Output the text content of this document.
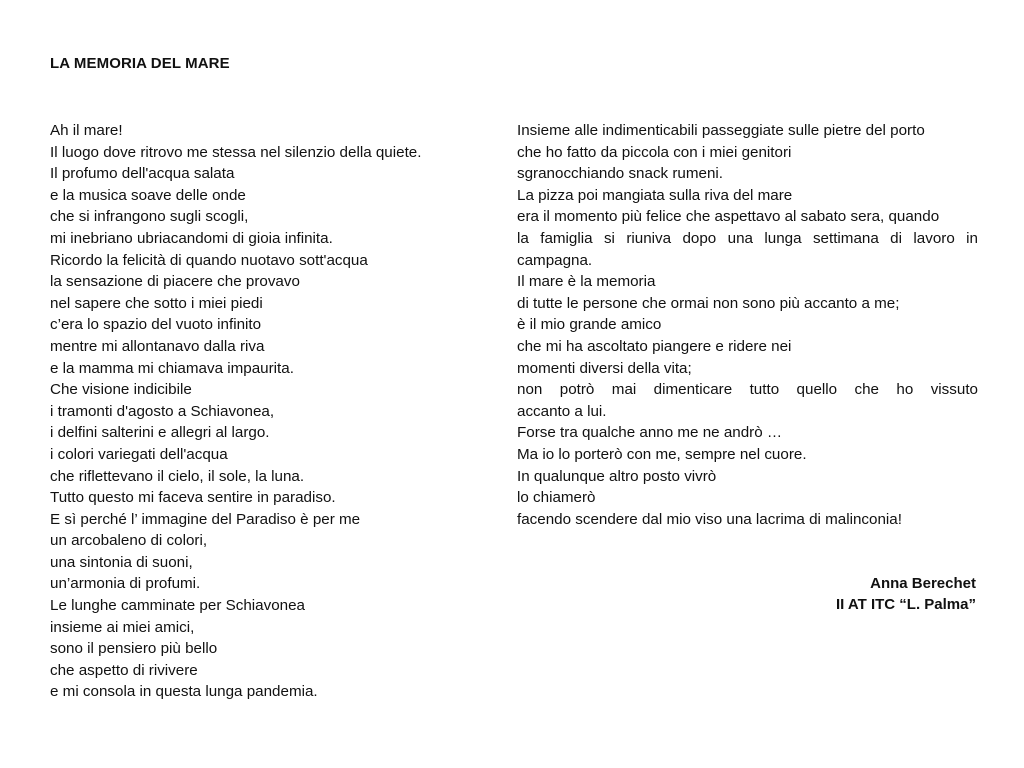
LA MEMORIA DEL MARE
Ah il mare!
Il luogo dove ritrovo me stessa nel silenzio della quiete.
Il profumo dell'acqua salata
e la musica soave delle onde
che si infrangono sugli scogli,
mi inebriano ubriacandomi di gioia infinita.
Ricordo la felicità di quando nuotavo sott'acqua
la sensazione di piacere che provavo
nel sapere che sotto i miei piedi
c’era lo spazio del vuoto infinito
mentre mi allontanavo dalla riva
e la mamma mi chiamava impaurita.
Che visione indicibile
i tramonti d'agosto a Schiavonea,
i delfini salterini e allegri al largo.
i colori variegati dell'acqua
che riflettevano il cielo, il sole, la luna.
Tutto questo mi faceva sentire in paradiso.
E sì perché l’ immagine del Paradiso è per me
un arcobaleno di colori,
una sintonia di suoni,
un’armonia di profumi.
Le lunghe camminate per Schiavonea
insieme ai miei amici,
sono il pensiero più bello
che aspetto di rivivere
e mi consola in questa lunga pandemia.
Insieme alle indimenticabili passeggiate sulle pietre del porto
che ho fatto da piccola con i miei genitori
sgranocchiando snack rumeni.
La pizza poi mangiata sulla riva del mare
era il momento più felice che aspettavo al sabato sera, quando
la famiglia si riuniva dopo una lunga settimana di lavoro in
campagna.
Il mare è la memoria
di tutte le persone che ormai non sono più accanto a me;
è il mio grande amico
che mi ha ascoltato piangere e ridere nei
momenti diversi della vita;
non potrò mai dimenticare tutto quello che ho vissuto
accanto a lui.
Forse tra qualche anno me ne andrò …
Ma io lo porterò con me, sempre nel cuore.
In qualunque altro posto vivrò
lo chiamerò
facendo scendere dal mio viso una lacrima di malinconia!
Anna Berechet
II AT ITC “L. Palma”
